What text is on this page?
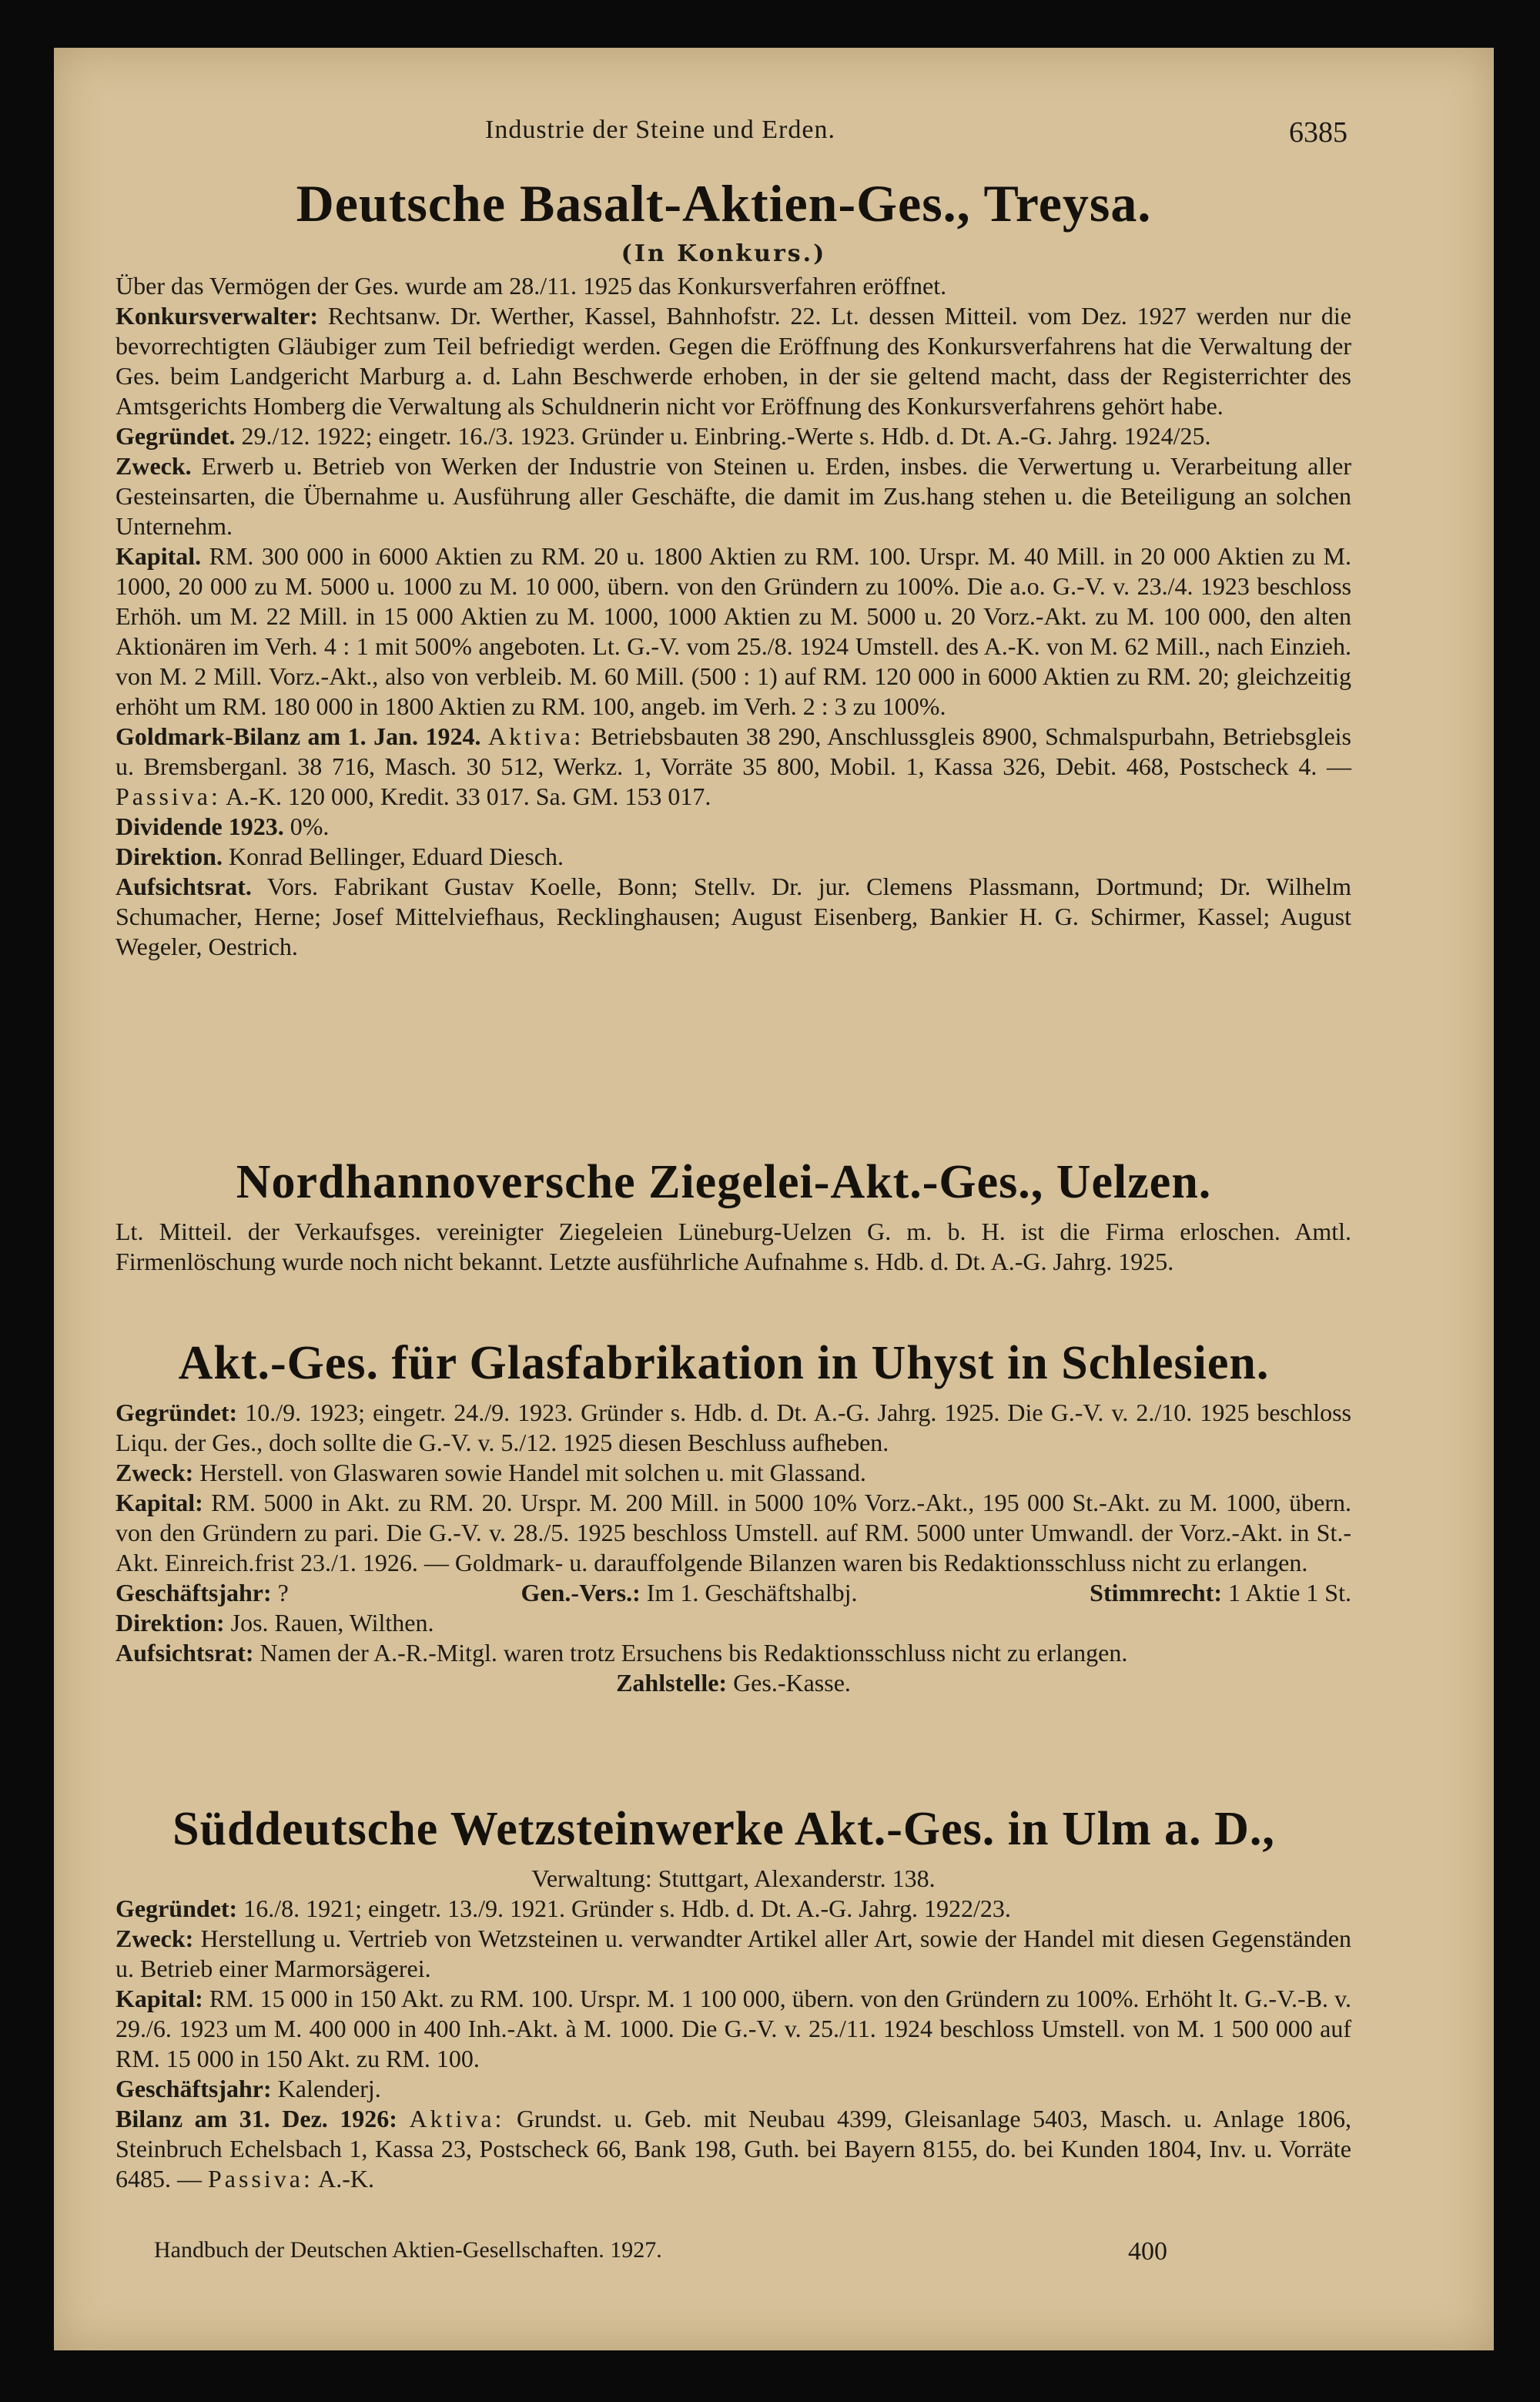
Industrie der Steine und Erden.	6385
Deutsche Basalt-Aktien-Ges., Treysa.
(In Konkurs.)

Über das Vermögen der Ges. wurde am 28./11. 1925 das Konkursverfahren eröffnet.

Konkursverwalter: Rechtsanw. Dr. Werther, Kassel, Bahnhofstr. 22. Lt. dessen Mitteil. vom Dez. 1927 werden nur die bevorrechtigten Gläubiger zum Teil befriedigt werden. Gegen die Eröffnung des Konkursverfahrens hat die Verwaltung der Ges. beim Landgericht Marburg a. d. Lahn Beschwerde erhoben, in der sie geltend macht, dass der Registerrichter des Amtsgerichts Homberg die Verwaltung als Schuldnerin nicht vor Eröffnung des Konkursverfahrens gehört habe.

Gegründet. 29./12. 1922; eingetr. 16./3. 1923. Gründer u. Einbring.-Werte s. Hdb. d. Dt. A.-G. Jahrg. 1924/25.

Zweck. Erwerb u. Betrieb von Werken der Industrie von Steinen u. Erden, insbes. die Verwertung u. Verarbeitung aller Gesteinsarten, die Übernahme u. Ausführung aller Geschäfte, die damit im Zus.hang stehen u. die Beteiligung an solchen Unternehm.

Kapital. RM. 300 000 in 6000 Aktien zu RM. 20 u. 1800 Aktien zu RM. 100. Urspr. M. 40 Mill. in 20 000 Aktien zu M. 1000, 20 000 zu M. 5000 u. 1000 zu M. 10 000, übern. von den Gründern zu 100%. Die a.o. G.-V. v. 23./4. 1923 beschloss Erhöh. um M. 22 Mill. in 15 000 Aktien zu M. 1000, 1000 Aktien zu M. 5000 u. 20 Vorz.-Akt. zu M. 100 000, den alten Aktionären im Verh. 4 : 1 mit 500% angeboten. Lt. G.-V. vom 25./8. 1924 Umstell. des A.-K. von M. 62 Mill., nach Einzieh. von M. 2 Mill. Vorz.-Akt., also von verbleib. M. 60 Mill. (500 : 1) auf RM. 120 000 in 6000 Aktien zu RM. 20; gleichzeitig erhöht um RM. 180 000 in 1800 Aktien zu RM. 100, angeb. im Verh. 2 : 3 zu 100%.

Goldmark-Bilanz am 1. Jan. 1924. Aktiva: Betriebsbauten 38 290, Anschlussgleis 8900, Schmalspurbahn, Betriebsgleis u. Bremsberganl. 38 716, Masch. 30 512, Werkz. 1, Vorräte 35 800, Mobil. 1, Kassa 326, Debit. 468, Postscheck 4. — Passiva: A.-K. 120 000, Kredit. 33 017. Sa. GM. 153 017.

Dividende 1923. 0%.

Direktion. Konrad Bellinger, Eduard Diesch.

Aufsichtsrat. Vors. Fabrikant Gustav Koelle, Bonn; Stellv. Dr. jur. Clemens Plassmann, Dortmund; Dr. Wilhelm Schumacher, Herne; Josef Mittelviefhaus, Recklinghausen; August Eisenberg, Bankier H. G. Schirmer, Kassel; August Wegeler, Oestrich.

Nordhannoversche Ziegelei-Akt.-Ges., Uelzen.

Lt. Mitteil. der Verkaufsges. vereinigter Ziegeleien Lüneburg-Uelzen G. m. b. H. ist die Firma erloschen. Amtl. Firmenlöschung wurde noch nicht bekannt. Letzte ausführliche Aufnahme s. Hdb. d. Dt. A.-G. Jahrg. 1925.

Akt.-Ges. für Glasfabrikation in Uhyst in Schlesien.

Gegründet: 10./9. 1923; eingetr. 24./9. 1923. Gründer s. Hdb. d. Dt. A.-G. Jahrg. 1925. Die G.-V. v. 2./10. 1925 beschloss Liqu. der Ges., doch sollte die G.-V. v. 5./12. 1925 diesen Beschluss aufheben.

Zweck: Herstell. von Glaswaren sowie Handel mit solchen u. mit Glassand.

Kapital: RM. 5000 in Akt. zu RM. 20. Urspr. M. 200 Mill. in 5000 10% Vorz.-Akt., 195 000 St.-Akt. zu M. 1000, übern. von den Gründern zu pari. Die G.-V. v. 28./5. 1925 beschloss Umstell. auf RM. 5000 unter Umwandl. der Vorz.-Akt. in St.-Akt. Einreich.frist 23./1. 1926. — Goldmark- u. darauffolgende Bilanzen waren bis Redaktionsschluss nicht zu erlangen.

Geschäftsjahr: ?	Gen.-Vers.: Im 1. Geschäftshalbj.	Stimmrecht: 1 Aktie 1 St.

Direktion: Jos. Rauen, Wilthen.

Aufsichtsrat: Namen der A.-R.-Mitgl. waren trotz Ersuchens bis Redaktionsschluss nicht zu erlangen.

Zahlstelle: Ges.-Kasse.

Süddeutsche Wetzsteinwerke Akt.-Ges. in Ulm a. D.,

Verwaltung: Stuttgart, Alexanderstr. 138.

Gegründet: 16./8. 1921; eingetr. 13./9. 1921. Gründer s. Hdb. d. Dt. A.-G. Jahrg. 1922/23.

Zweck: Herstellung u. Vertrieb von Wetzsteinen u. verwandter Artikel aller Art, sowie der Handel mit diesen Gegenständen u. Betrieb einer Marmorsägerei.

Kapital: RM. 15 000 in 150 Akt. zu RM. 100. Urspr. M. 1 100 000, übern. von den Gründern zu 100%. Erhöht lt. G.-V.-B. v. 29./6. 1923 um M. 400 000 in 400 Inh.-Akt. à M. 1000. Die G.-V. v. 25./11. 1924 beschloss Umstell. von M. 1 500 000 auf RM. 15 000 in 150 Akt. zu RM. 100.

Geschäftsjahr: Kalenderj.

Bilanz am 31. Dez. 1926: Aktiva: Grundst. u. Geb. mit Neubau 4399, Gleisanlage 5403, Masch. u. Anlage 1806, Steinbruch Echelsbach 1, Kassa 23, Postscheck 66, Bank 198, Guth. bei Bayern 8155, do. bei Kunden 1804, Inv. u. Vorräte 6485. — Passiva: A.-K.

Handbuch der Deutschen Aktien-Gesellschaften. 1927.	400
